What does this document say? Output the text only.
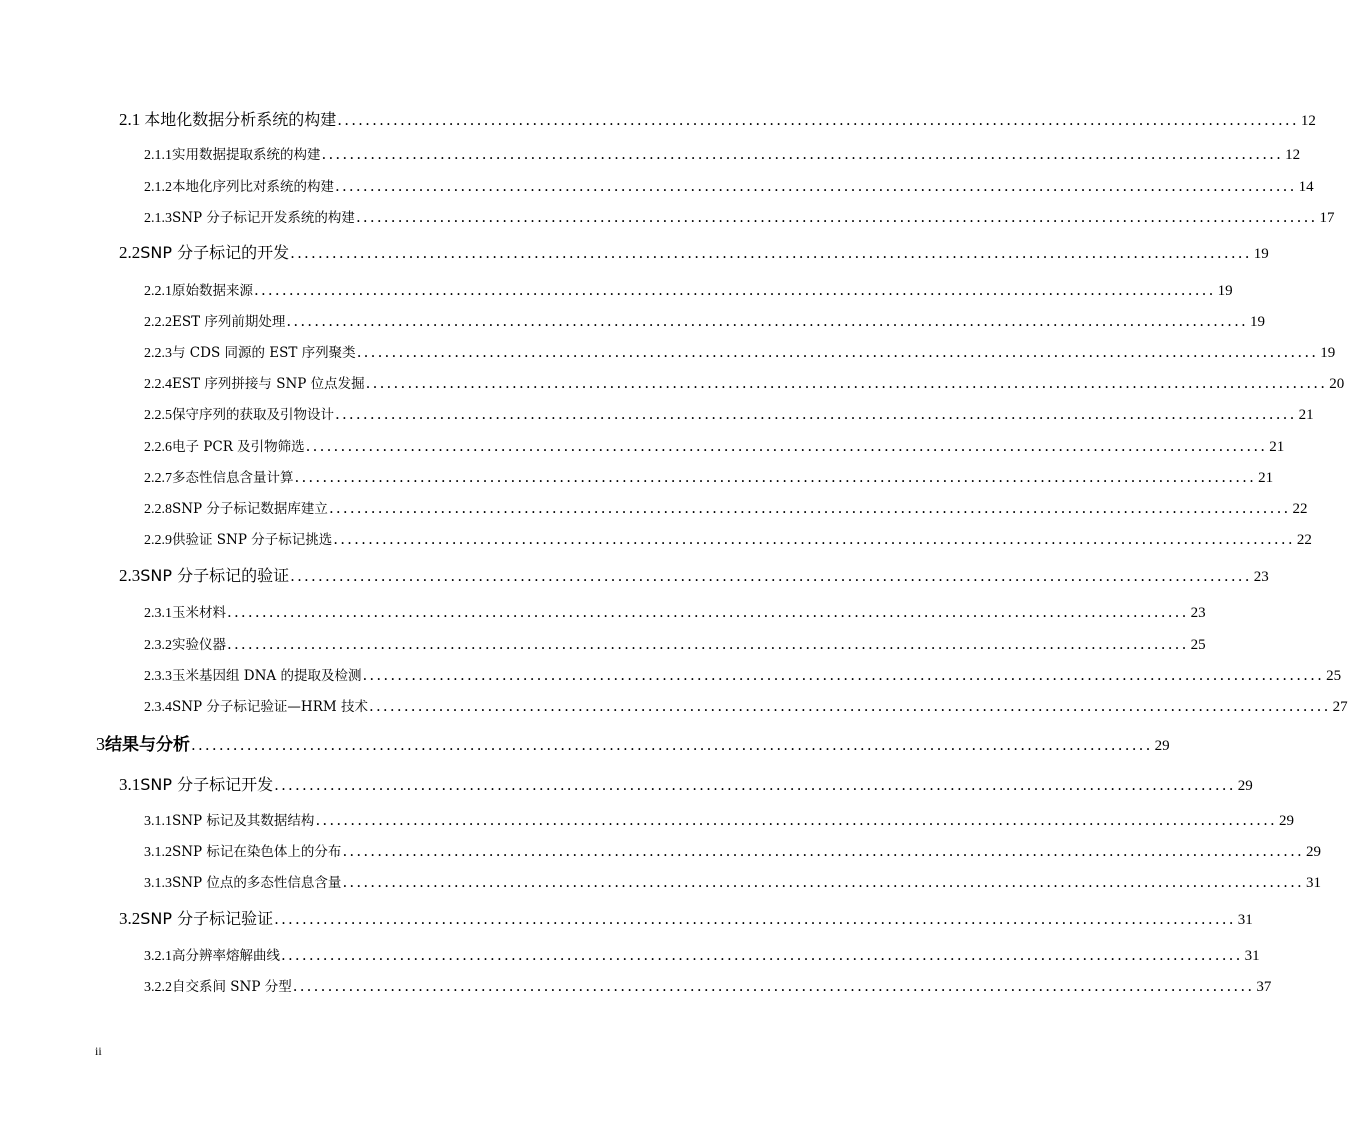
2.1 本地化数据分析系统的构建 .......................................................................................................................................... 12
2.1.1 实用数据提取系统的构建 .......................................................................................................................................... 12
2.1.2 本地化序列比对系统的构建 .......................................................................................................................................... 14
2.1.3 SNP 分子标记开发系统的构建 .......................................................................................................................................... 17
2.2 SNP 分子标记的开发 .......................................................................................................................................... 19
2.2.1 原始数据来源 .......................................................................................................................................... 19
2.2.2 EST 序列前期处理 .......................................................................................................................................... 19
2.2.3 与 CDS 同源的 EST 序列聚类 .......................................................................................................................................... 19
2.2.4 EST 序列拼接与 SNP 位点发掘 .......................................................................................................................................... 20
2.2.5 保守序列的获取及引物设计 .......................................................................................................................................... 21
2.2.6 电子 PCR 及引物筛选 .......................................................................................................................................... 21
2.2.7 多态性信息含量计算 .......................................................................................................................................... 21
2.2.8 SNP 分子标记数据库建立 .......................................................................................................................................... 22
2.2.9 供验证 SNP 分子标记挑选 .......................................................................................................................................... 22
2.3 SNP 分子标记的验证 .......................................................................................................................................... 23
2.3.1 玉米材料 .......................................................................................................................................... 23
2.3.2 实验仪器 .......................................................................................................................................... 25
2.3.3 玉米基因组 DNA 的提取及检测 .......................................................................................................................................... 25
2.3.4 SNP 分子标记验证—HRM 技术 .......................................................................................................................................... 27
3 结果与分析 .......................................................................................................................................... 29
3.1 SNP 分子标记开发 .......................................................................................................................................... 29
3.1.1 SNP 标记及其数据结构 .......................................................................................................................................... 29
3.1.2 SNP 标记在染色体上的分布 .......................................................................................................................................... 29
3.1.3 SNP 位点的多态性信息含量 .......................................................................................................................................... 31
3.2 SNP 分子标记验证 .......................................................................................................................................... 31
3.2.1 高分辨率熔解曲线 .......................................................................................................................................... 31
3.2.2 自交系间 SNP 分型 .......................................................................................................................................... 37
ii
